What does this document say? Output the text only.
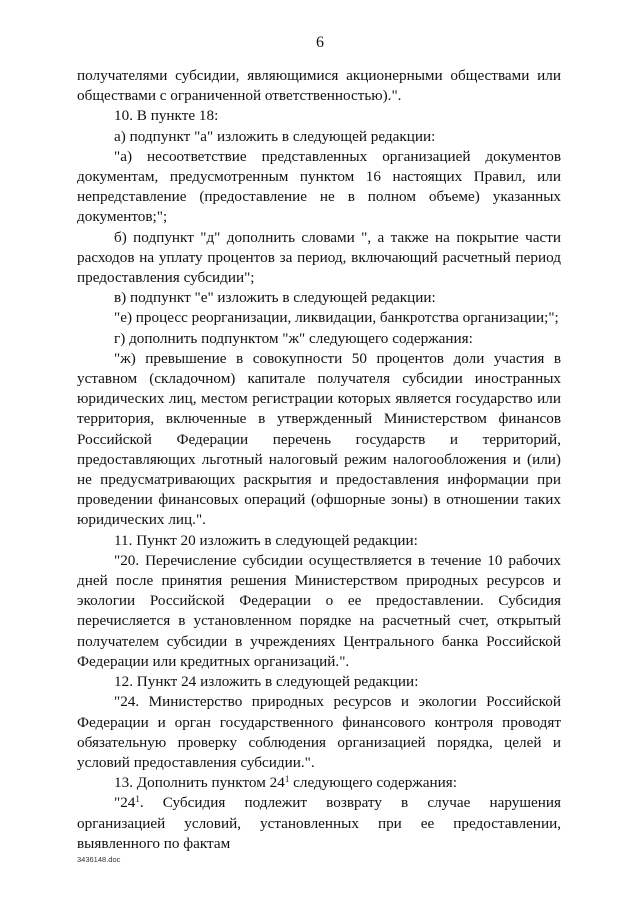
6

получателями субсидии, являющимися акционерными обществами или обществами с ограниченной ответственностью).".

10. В пункте 18:

а) подпункт "а" изложить в следующей редакции:

"а) несоответствие представленных организацией документов документам, предусмотренным пунктом 16 настоящих Правил, или непредставление (предоставление не в полном объеме) указанных документов;";

б) подпункт "д" дополнить словами ", а также на покрытие части расходов на уплату процентов за период, включающий расчетный период предоставления субсидии";

в) подпункт "е" изложить в следующей редакции:

"е) процесс реорганизации, ликвидации, банкротства организации;";

г) дополнить подпунктом "ж" следующего содержания:

"ж) превышение в совокупности 50 процентов доли участия в уставном (складочном) капитале получателя субсидии иностранных юридических лиц, местом регистрации которых является государство или территория, включенные в утвержденный Министерством финансов Российской Федерации перечень государств и территорий, предоставляющих льготный налоговый режим налогообложения и (или) не предусматривающих раскрытия и предоставления информации при проведении финансовых операций (офшорные зоны) в отношении таких юридических лиц.".

11. Пункт 20 изложить в следующей редакции:

"20. Перечисление субсидии осуществляется в течение 10 рабочих дней после принятия решения Министерством природных ресурсов и экологии Российской Федерации о ее предоставлении. Субсидия перечисляется в установленном порядке на расчетный счет, открытый получателем субсидии в учреждениях Центрального банка Российской Федерации или кредитных организаций.".

12. Пункт 24 изложить в следующей редакции:

"24. Министерство природных ресурсов и экологии Российской Федерации и орган государственного финансового контроля проводят обязательную проверку соблюдения организацией порядка, целей и условий предоставления субсидии.".

13. Дополнить пунктом $24^1$ следующего содержания:

"$24^1$. Субсидия подлежит возврату в случае нарушения организацией условий, установленных при ее предоставлении, выявленного по фактам

3436148.doc
